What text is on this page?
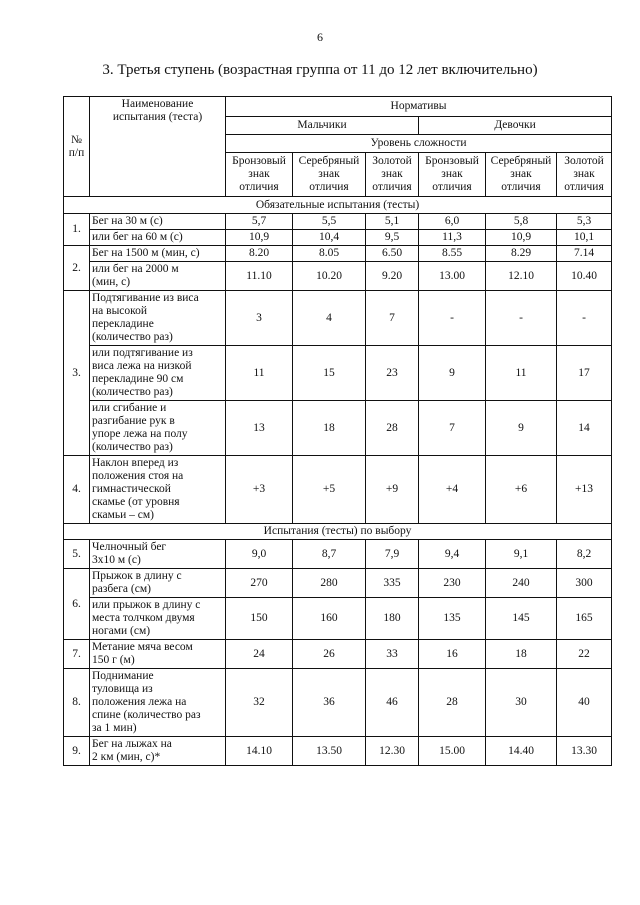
6
3. Третья ступень (возрастная группа от 11 до 12 лет включительно)
№
п/п	Наименование
испытания (теста)	Нормативы					
		Мальчики			Девочки		
		Уровень сложности					
		Бронзовый
знак
отличия	Серебряный
знак
отличия	Золотой
знак
отличия	Бронзовый
знак
отличия	Серебряный
знак
отличия	Золотой
знак
отличия
Обязательные испытания (тесты)							
1.	Бег на 30 м (с)	5,7	5,5	5,1	6,0	5,8	5,3
	или бег на 60 м (с)	10,9	10,4	9,5	11,3	10,9	10,1
2.	Бег на 1500 м (мин, с)	8.20	8.05	6.50	8.55	8.29	7.14
	или бег на 2000 м
(мин, с)	11.10	10.20	9.20	13.00	12.10	10.40
3.	Подтягивание из виса
на высокой
перекладине
(количество раз)	3	4	7	-	-	-
	или подтягивание из
виса лежа на низкой
перекладине 90 см
(количество раз)	11	15	23	9	11	17
	или сгибание и
разгибание рук в
упоре лежа на полу
(количество раз)	13	18	28	7	9	14
4.	Наклон вперед из
положения стоя на
гимнастической
скамье (от уровня
скамьи – см)	+3	+5	+9	+4	+6	+13
Испытания (тесты) по выбору							
5.	Челночный бег
3х10 м (с)	9,0	8,7	7,9	9,4	9,1	8,2
6.	Прыжок в длину с
разбега (см)	270	280	335	230	240	300
	или прыжок в длину с
места толчком двумя
ногами (см)	150	160	180	135	145	165
7.	Метание мяча весом
150 г (м)	24	26	33	16	18	22
8.	Поднимание
туловища из
положения лежа на
спине (количество раз
за 1 мин)	32	36	46	28	30	40
9.	Бег на лыжах на
2 км (мин, с)*	14.10	13.50	12.30	15.00	14.40	13.30
